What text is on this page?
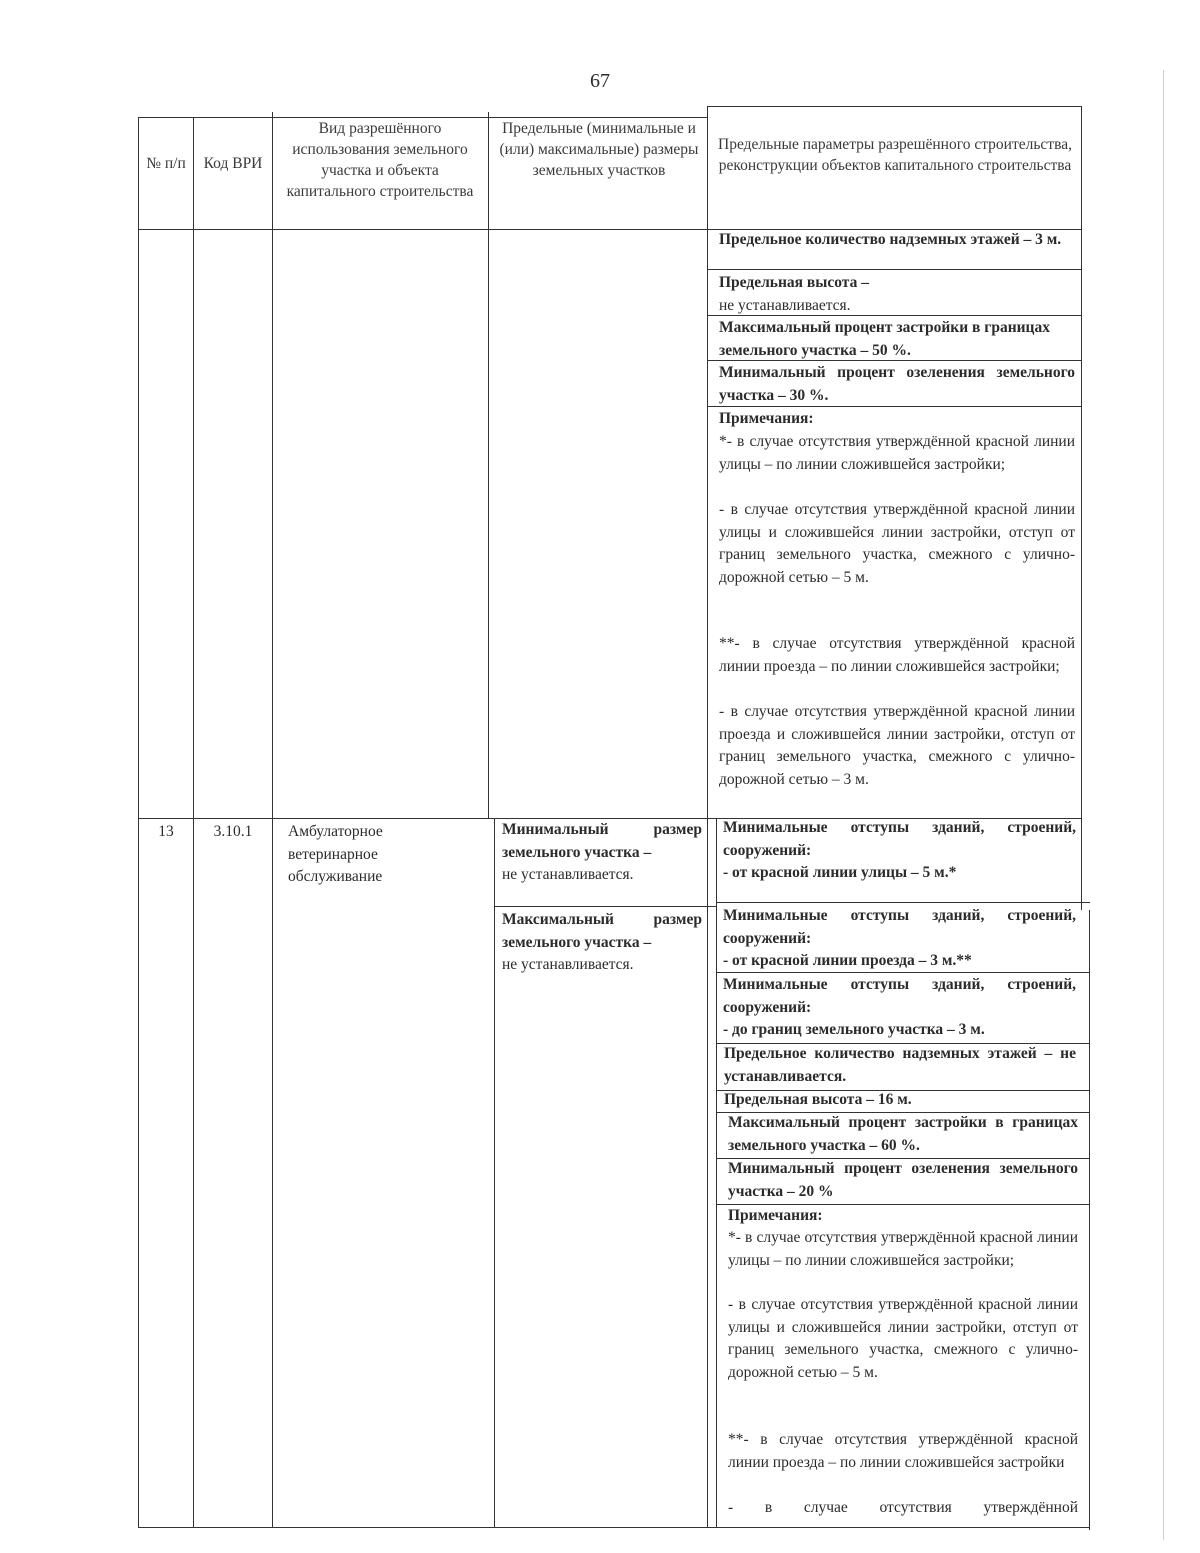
67
№ п/п Код ВРИ
Вид разрешённого использования земельного участка и объекта капитального строительства
Предельные (минимальные и (или) максимальные) размеры земельных участков
Предельные параметры разрешённого строительства, реконструкции объектов капитального строительства
Предельное количество надземных этажей – 3 м.
Предельная высота –
не устанавливается.
Максимальный процент застройки в границах земельного участка – 50 %.
Минимальный процент озеленения земельного участка – 30 %.
Примечания:
*- в случае отсутствия утверждённой красной линии улицы – по линии сложившейся застройки;
- в случае отсутствия утверждённой красной линии улицы и сложившейся линии застройки, отступ от границ земельного участка, смежного с улично-дорожной сетью – 5 м.
**- в случае отсутствия утверждённой красной линии проезда – по линии сложившейся застройки;
- в случае отсутствия утверждённой красной линии проезда и сложившейся линии застройки, отступ от границ земельного участка, смежного с улично-дорожной сетью – 3 м.
13	3.10.1	Амбулаторное ветеринарное обслуживание
Минимальный размер земельного участка –
не устанавливается.
Максимальный размер земельного участка –
не устанавливается.
Минимальные отступы зданий, строений, сооружений:
- от красной линии улицы – 5 м.*
Минимальные отступы зданий, строений, сооружений:
- от красной линии проезда – 3 м.**
Минимальные отступы зданий, строений, сооружений:
- до границ земельного участка – 3 м.
Предельное количество надземных этажей – не устанавливается.
Предельная высота – 16 м.
Максимальный процент застройки в границах земельного участка – 60 %.
Минимальный процент озеленения земельного участка – 20 %
Примечания:
*- в случае отсутствия утверждённой красной линии улицы – по линии сложившейся застройки;
- в случае отсутствия утверждённой красной линии улицы и сложившейся линии застройки, отступ от границ земельного участка, смежного с улично-дорожной сетью – 5 м.
**- в случае отсутствия утверждённой красной линии проезда – по линии сложившейся застройки
- в случае отсутствия утверждённой
